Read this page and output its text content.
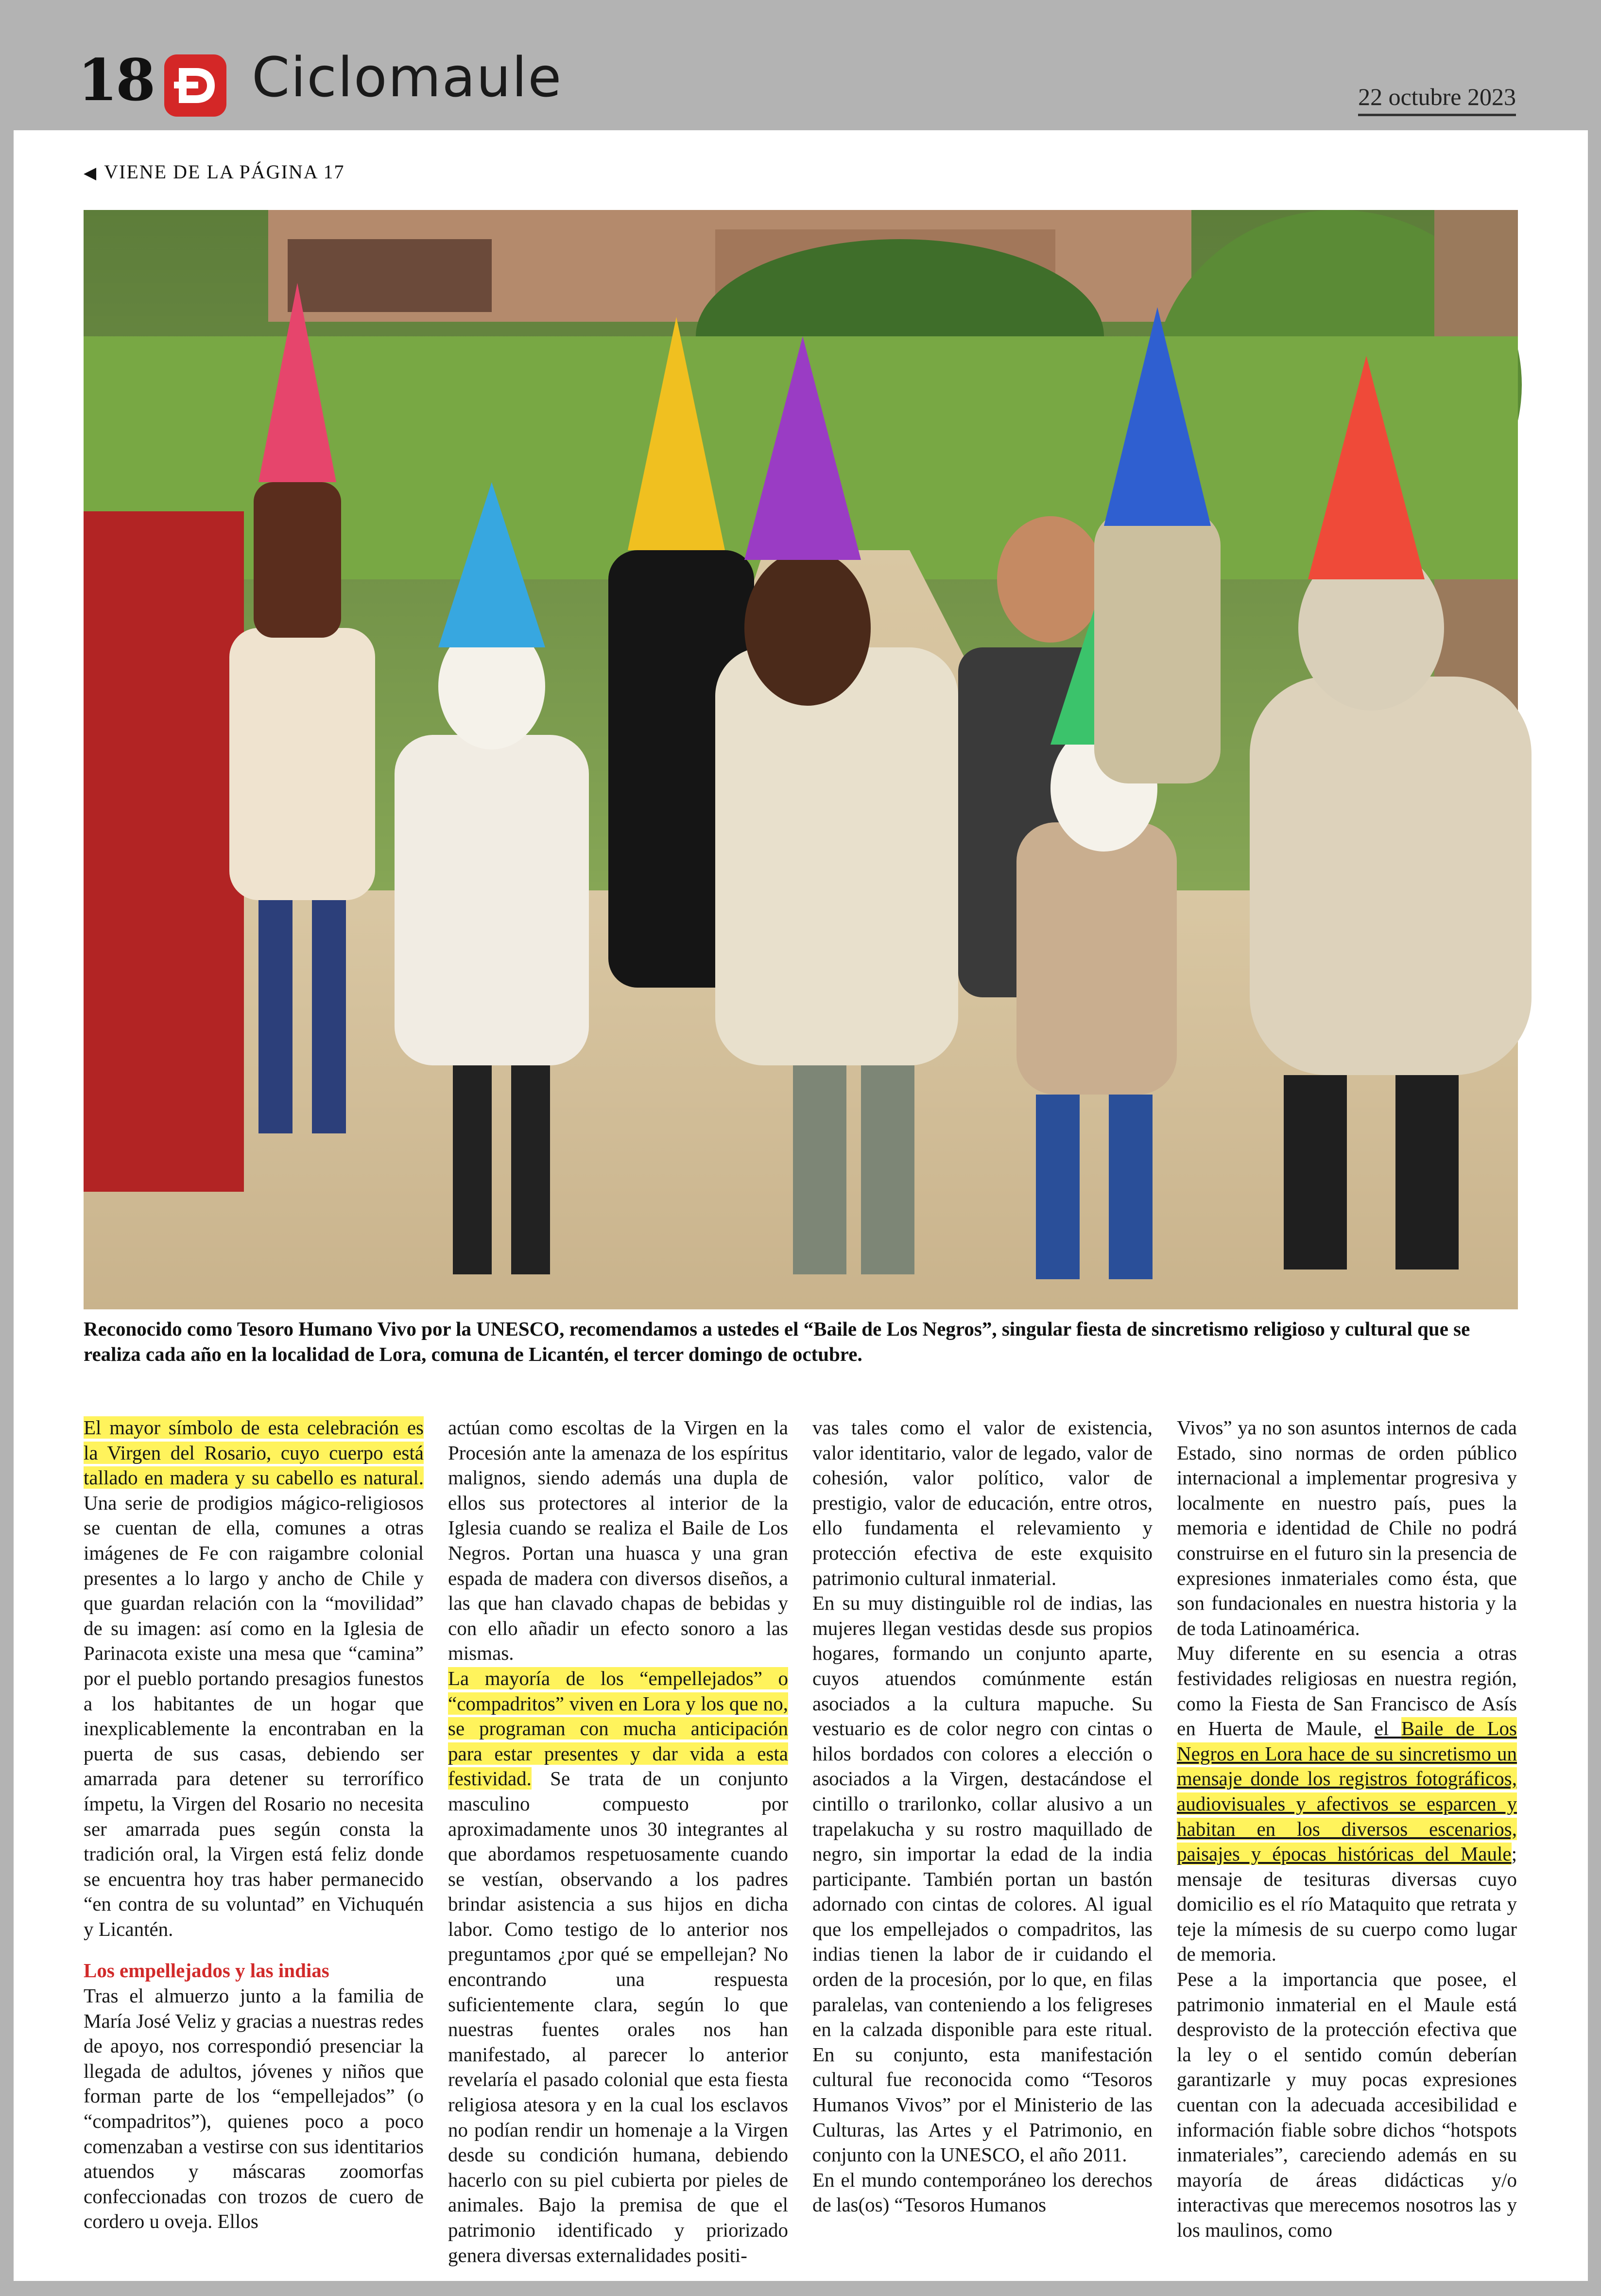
18 Ciclomaule	22 octubre 2023
◀ VIENE DE LA PÁGINA 17
Reconocido como Tesoro Humano Vivo por la UNESCO, recomendamos a ustedes el “Baile de Los Negros”, singular fiesta de sincretismo religioso y cultural que se realiza cada año en la localidad de Lora, comuna de Licantén, el tercer domingo de octubre.

El mayor símbolo de esta celebración es la Virgen del Rosario, cuyo cuerpo está tallado en madera y su cabello es natural. Una serie de prodigios mágico-religiosos se cuentan de ella, comunes a otras imágenes de Fe con raigambre colonial presentes a lo largo y ancho de Chile y que guardan relación con la “movilidad” de su imagen: así como en la Iglesia de Parinacota existe una mesa que “camina” por el pueblo portando presagios funestos a los habitantes de un hogar que inexplicablemente la encontraban en la puerta de sus casas, debiendo ser amarrada para detener su terrorífico ímpetu, la Virgen del Rosario no necesita ser amarrada pues según consta la tradición oral, la Virgen está feliz donde se encuentra hoy tras haber permanecido “en contra de su voluntad” en Vichuquén y Licantén.

Los empellejados y las indias

Tras el almuerzo junto a la familia de María José Veliz y gracias a nuestras redes de apoyo, nos correspondió presenciar la llegada de adultos, jóvenes y niños que forman parte de los “empellejados” (o “compadritos”), quienes poco a poco comenzaban a vestirse con sus identitarios atuendos y máscaras zoomorfas confeccionadas con trozos de cuero de cordero u oveja. Ellos

actúan como escoltas de la Virgen en la Procesión ante la amenaza de los espíritus malignos, siendo además una dupla de ellos sus protectores al interior de la Iglesia cuando se realiza el Baile de Los Negros. Portan una huasca y una gran espada de madera con diversos diseños, a las que han clavado chapas de bebidas y con ello añadir un efecto sonoro a las mismas.

La mayoría de los “empellejados” o “compadritos” viven en Lora y los que no, se programan con mucha anticipación para estar presentes y dar vida a esta festividad. Se trata de un conjunto masculino compuesto por aproximadamente unos 30 integrantes al que abordamos respetuosamente cuando se vestían, observando a los padres brindar asistencia a sus hijos en dicha labor. Como testigo de lo anterior nos preguntamos ¿por qué se empellejan? No encontrando una respuesta suficientemente clara, según lo que nuestras fuentes orales nos han manifestado, al parecer lo anterior revelaría el pasado colonial que esta fiesta religiosa atesora y en la cual los esclavos no podían rendir un homenaje a la Virgen desde su condición humana, debiendo hacerlo con su piel cubierta por pieles de animales. Bajo la premisa de que el patrimonio identificado y priorizado genera diversas externalidades positi-

vas tales como el valor de existencia, valor identitario, valor de legado, valor de cohesión, valor político, valor de prestigio, valor de educación, entre otros, ello fundamenta el relevamiento y protección efectiva de este exquisito patrimonio cultural inmaterial.

En su muy distinguible rol de indias, las mujeres llegan vestidas desde sus propios hogares, formando un conjunto aparte, cuyos atuendos comúnmente están asociados a la cultura mapuche. Su vestuario es de color negro con cintas o hilos bordados con colores a elección o asociados a la Virgen, destacándose el cintillo o trarilonko, collar alusivo a un trapelakucha y su rostro maquillado de negro, sin importar la edad de la india participante. También portan un bastón adornado con cintas de colores. Al igual que los empellejados o compadritos, las indias tienen la labor de ir cuidando el orden de la procesión, por lo que, en filas paralelas, van conteniendo a los feligreses en la calzada disponible para este ritual. En su conjunto, esta manifestación cultural fue reconocida como “Tesoros Humanos Vivos” por el Ministerio de las Culturas, las Artes y el Patrimonio, en conjunto con la UNESCO, el año 2011.

En el mundo contemporáneo los derechos de las(os) “Tesoros Humanos

Vivos” ya no son asuntos internos de cada Estado, sino normas de orden público internacional a implementar progresiva y localmente en nuestro país, pues la memoria e identidad de Chile no podrá construirse en el futuro sin la presencia de expresiones inmateriales como ésta, que son fundacionales en nuestra historia y la de toda Latinoamérica.

Muy diferente en su esencia a otras festividades religiosas en nuestra región, como la Fiesta de San Francisco de Asís en Huerta de Maule, el Baile de Los Negros en Lora hace de su sincretismo un mensaje donde los registros fotográficos, audiovisuales y afectivos se esparcen y habitan en los diversos escenarios, paisajes y épocas históricas del Maule; mensaje de tesituras diversas cuyo domicilio es el río Mataquito que retrata y teje la mímesis de su cuerpo como lugar de memoria.

Pese a la importancia que posee, el patrimonio inmaterial en el Maule está desprovisto de la protección efectiva que la ley o el sentido común deberían garantizarle y muy pocas expresiones cuentan con la adecuada accesibilidad e información fiable sobre dichos “hotspots inmateriales”, careciendo además en su mayoría de áreas didácticas y/o interactivas que merecemos nosotros las y los maulinos, como
